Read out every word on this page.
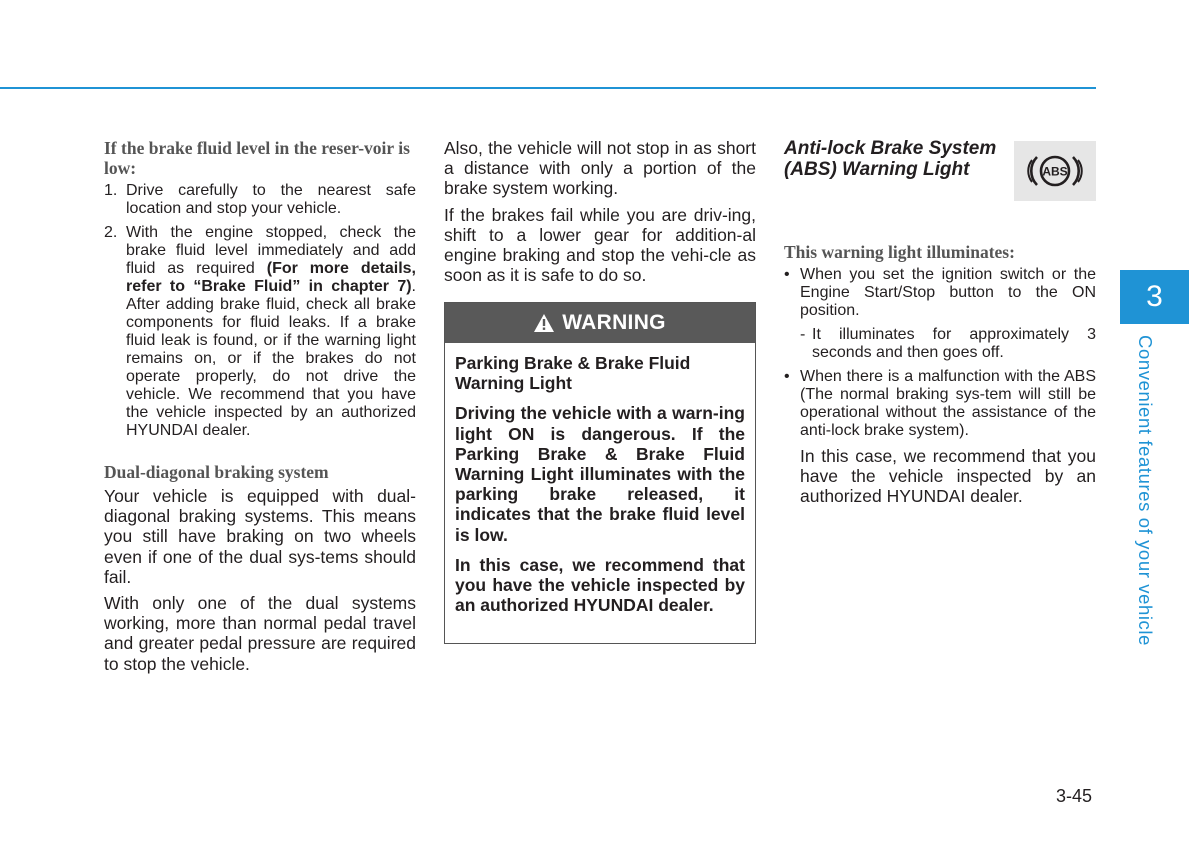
If the brake fluid level in the reser-voir is low:
1. Drive carefully to the nearest safe location and stop your vehicle.
2. With the engine stopped, check the brake fluid level immediately and add fluid as required (For more details, refer to “Brake Fluid” in chapter 7). After adding brake fluid, check all brake components for fluid leaks. If a brake fluid leak is found, or if the warning light remains on, or if the brakes do not operate properly, do not drive the vehicle. We recommend that you have the vehicle inspected by an authorized HYUNDAI dealer.
Dual-diagonal braking system

Your vehicle is equipped with dual-diagonal braking systems. This means you still have braking on two wheels even if one of the dual sys-tems should fail.

With only one of the dual systems working, more than normal pedal travel and greater pedal pressure are required to stop the vehicle.

Also, the vehicle will not stop in as short a distance with only a portion of the brake system working.

If the brakes fail while you are driv-ing, shift to a lower gear for addition-al engine braking and stop the vehi-cle as soon as it is safe to do so.

WARNING

Parking Brake & Brake Fluid Warning Light

Driving the vehicle with a warn-ing light ON is dangerous. If the Parking Brake & Brake Fluid Warning Light illuminates with the parking brake released, it indicates that the brake fluid level is low.

In this case, we recommend that you have the vehicle inspected by an authorized HYUNDAI dealer.

Anti-lock Brake System (ABS) Warning Light
This warning light illuminates:
• When you set the ignition switch or the Engine Start/Stop button to the ON position.
- It illuminates for approximately 3 seconds and then goes off.
• When there is a malfunction with the ABS (The normal braking sys-tem will still be operational without the assistance of the anti-lock brake system).

In this case, we recommend that you have the vehicle inspected by an authorized HYUNDAI dealer.

ABS
3
Convenient features of your vehicle
3-45
